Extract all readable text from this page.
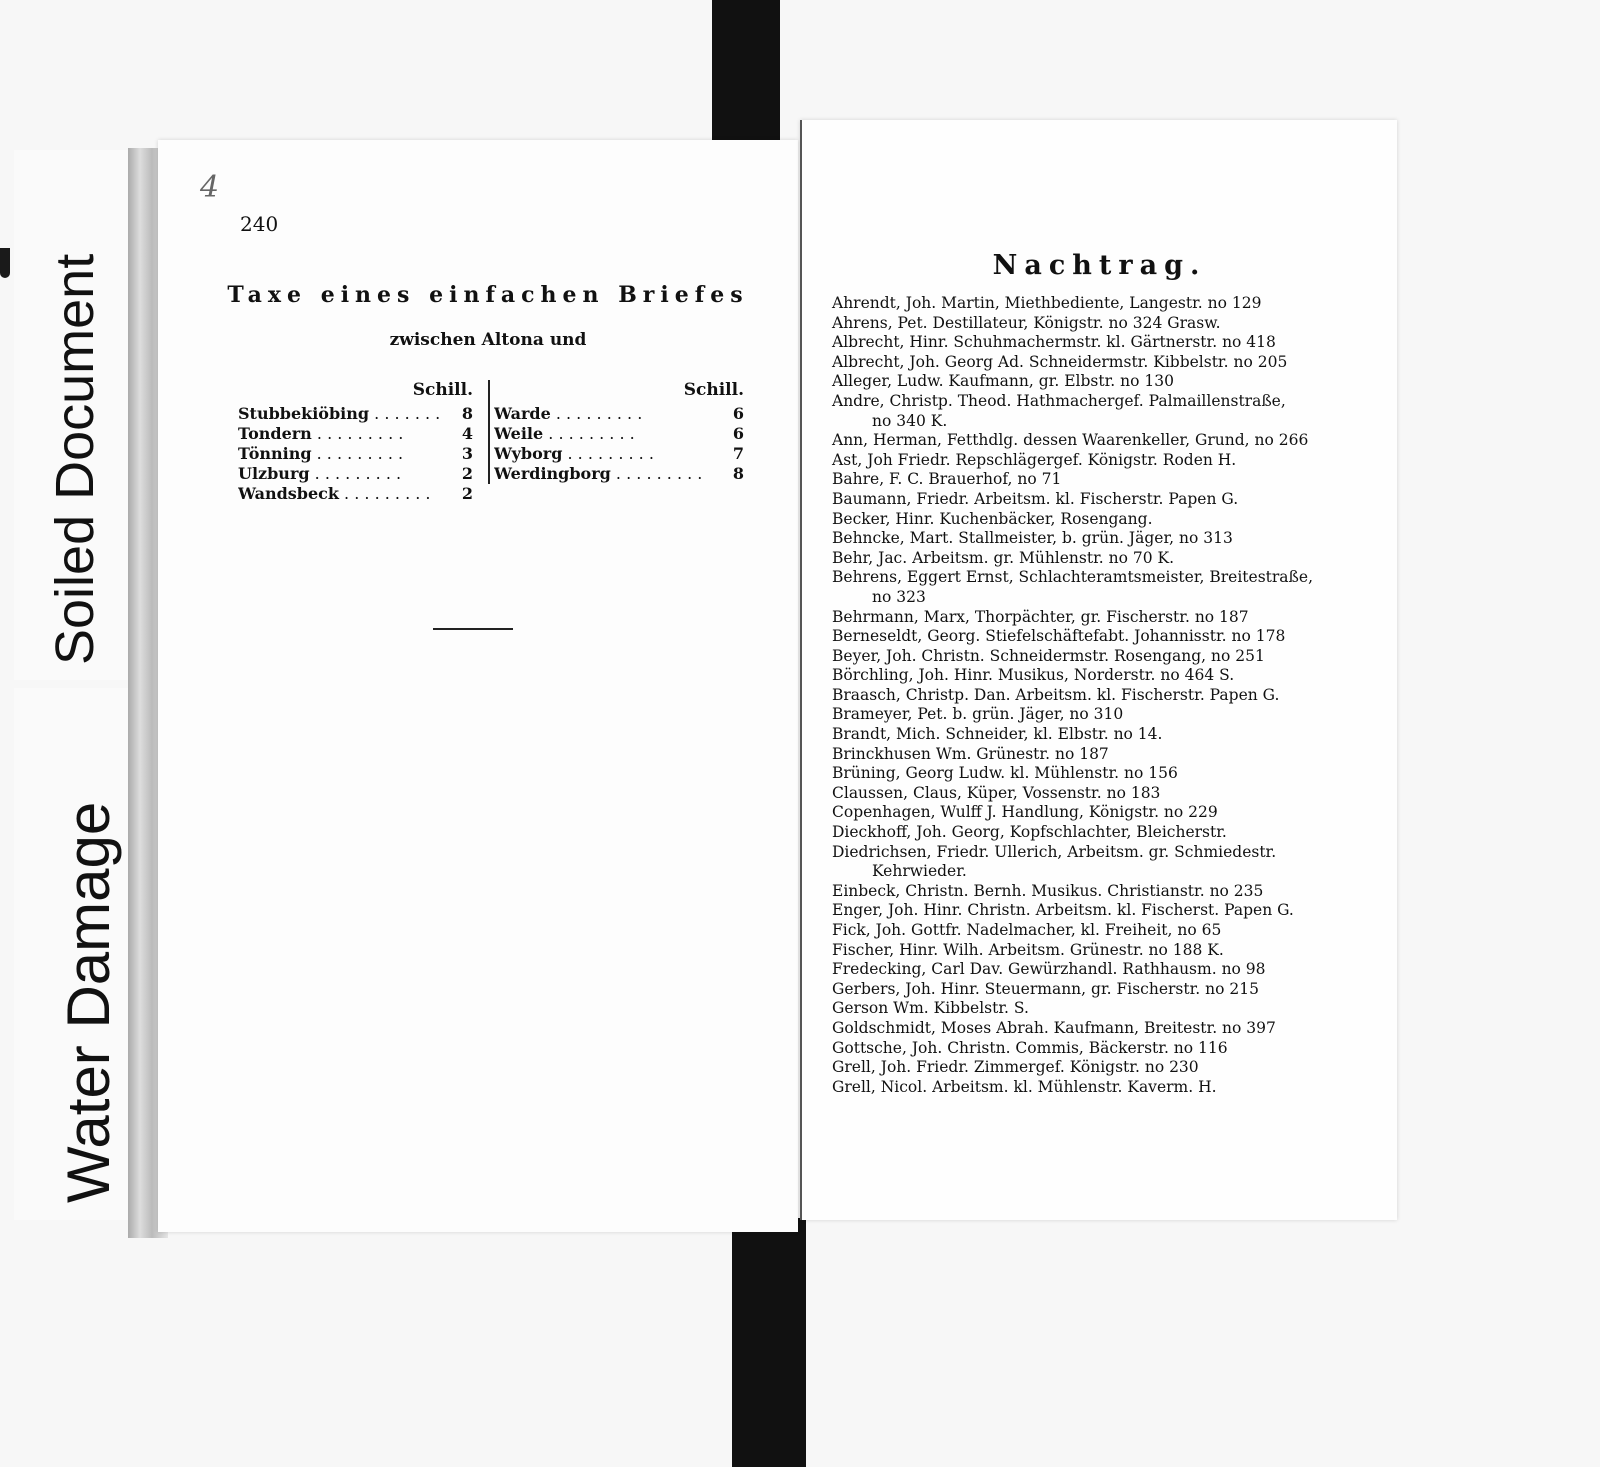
Soiled Document
Water Damage
4
240
Taxe eines einfachen Briefes
zwischen Altona und
Schill.
Stubbekiöbing . .	8
Tondern . .	4
Tönning . .	3
Ulzburg . .	2
Wandsbeck . .	2
Schill.
Warde . .	6
Weile . .	6
Wyborg . .	7
Werdingborg . .	8
Nachtrag.
Ahrendt, Joh. Martin, Miethbediente, Langestr. no 129
Ahrens, Pet. Destillateur, Königstr. no 324 Grasw.
Albrecht, Hinr. Schuhmachermstr. kl. Gärtnerstr. no 418
Albrecht, Joh. Georg Ad. Schneidermstr. Kibbelstr. no 205
Alleger, Ludw. Kaufmann, gr. Elbstr. no 130
Andre, Christp. Theod. Hathmachergef. Palmaillenstraße,
no 340 K.
Ann, Herman, Fetthdlg. dessen Waarenkeller, Grund, no 266
Ast, Joh Friedr. Repschlägergef. Königstr. Roden H.
Bahre, F. C. Brauerhof, no 71
Baumann, Friedr. Arbeitsm. kl. Fischerstr. Papen G.
Becker, Hinr. Kuchenbäcker, Rosengang.
Behncke, Mart. Stallmeister, b. grün. Jäger, no 313
Behr, Jac. Arbeitsm. gr. Mühlenstr. no 70 K.
Behrens, Eggert Ernst, Schlachteramtsmeister, Breitestraße,
no 323
Behrmann, Marx, Thorpächter, gr. Fischerstr. no 187
Berneseldt, Georg. Stiefelschäftefabt. Johannisstr. no 178
Beyer, Joh. Christn. Schneidermstr. Rosengang, no 251
Börchling, Joh. Hinr. Musikus, Norderstr. no 464 S.
Braasch, Christp. Dan. Arbeitsm. kl. Fischerstr. Papen G.
Brameyer, Pet. b. grün. Jäger, no 310
Brandt, Mich. Schneider, kl. Elbstr. no 14.
Brinckhusen Wm. Grünestr. no 187
Brüning, Georg Ludw. kl. Mühlenstr. no 156
Claussen, Claus, Küper, Vossenstr. no 183
Copenhagen, Wulff J. Handlung, Königstr. no 229
Dieckhoff, Joh. Georg, Kopfschlachter, Bleicherstr.
Diedrichsen, Friedr. Ullerich, Arbeitsm. gr. Schmiedestr.
Kehrwieder.
Einbeck, Christn. Bernh. Musikus. Christianstr. no 235
Enger, Joh. Hinr. Christn. Arbeitsm. kl. Fischerst. Papen G.
Fick, Joh. Gottfr. Nadelmacher, kl. Freiheit, no 65
Fischer, Hinr. Wilh. Arbeitsm. Grünestr. no 188 K.
Fredecking, Carl Dav. Gewürzhandl. Rathhausm. no 98
Gerbers, Joh. Hinr. Steuermann, gr. Fischerstr. no 215
Gerson Wm. Kibbelstr. S.
Goldschmidt, Moses Abrah. Kaufmann, Breitestr. no 397
Gottsche, Joh. Christn. Commis, Bäckerstr. no 116
Grell, Joh. Friedr. Zimmergef. Königstr. no 230
Grell, Nicol. Arbeitsm. kl. Mühlenstr. Kaverm. H.
